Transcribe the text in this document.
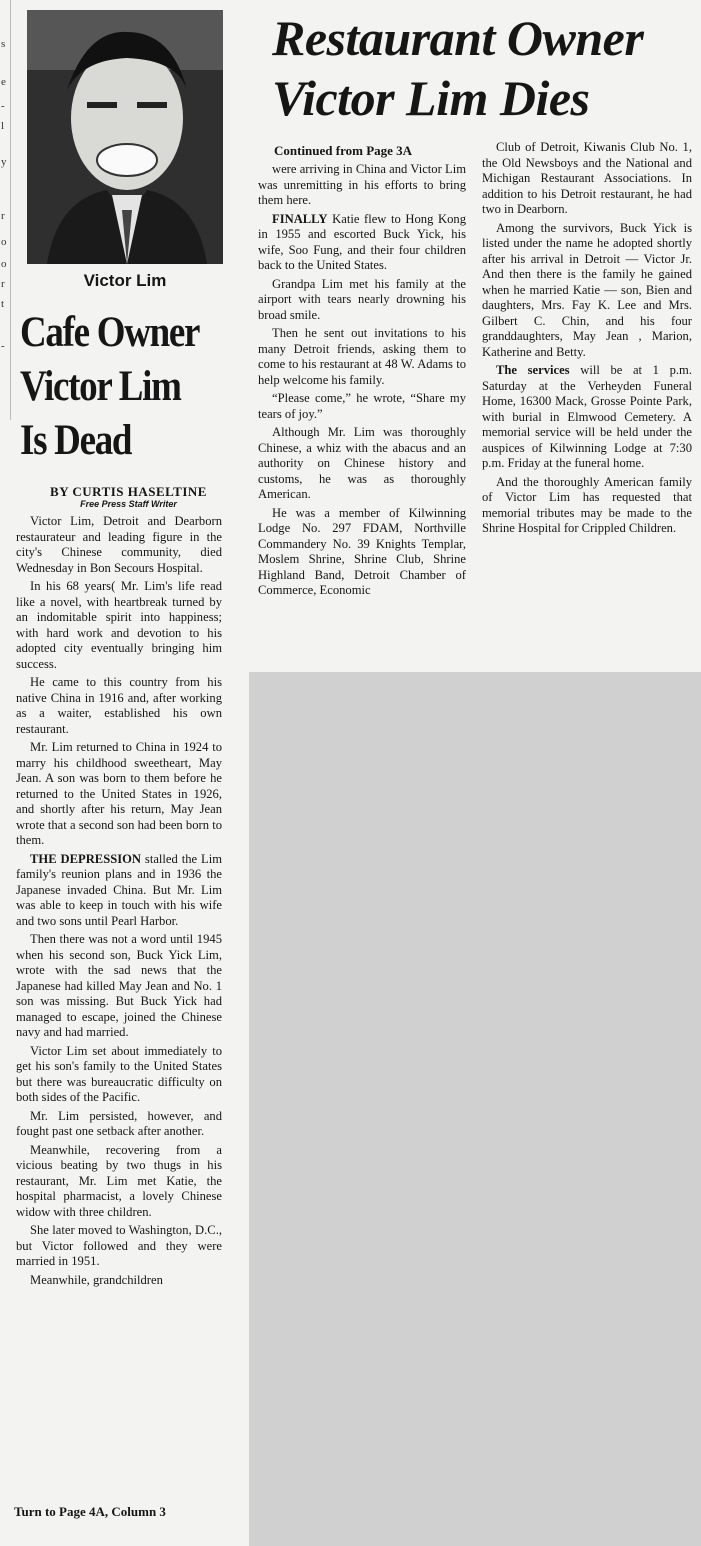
s
e
-
l
y
r
o
o
r
t
-
Victor Lim
Cafe Owner
Victor Lim
Is Dead
BY CURTIS HASELTINE
Free Press Staff Writer

Victor Lim, Detroit and Dearborn restaurateur and leading figure in the city's Chinese community, died Wednesday in Bon Secours Hospital.

In his 68 years( Mr. Lim's life read like a novel, with heartbreak turned by an indomitable spirit into happiness; with hard work and devotion to his adopted city eventually bringing him success.

He came to this country from his native China in 1916 and, after working as a waiter, established his own restaurant.

Mr. Lim returned to China in 1924 to marry his childhood sweetheart, May Jean. A son was born to them before he returned to the United States in 1926, and shortly after his return, May Jean wrote that a second son had been born to them.

THE DEPRESSION stalled the Lim family's reunion plans and in 1936 the Japanese invaded China. But Mr. Lim was able to keep in touch with his wife and two sons until Pearl Harbor.

Then there was not a word until 1945 when his second son, Buck Yick Lim, wrote with the sad news that the Japanese had killed May Jean and No. 1 son was missing. But Buck Yick had managed to escape, joined the Chinese navy and had married.

Victor Lim set about immediately to get his son's family to the United States but there was bureaucratic difficulty on both sides of the Pacific.

Mr. Lim persisted, however, and fought past one setback after another.

Meanwhile, recovering from a vicious beating by two thugs in his restaurant, Mr. Lim met Katie, the hospital pharmacist, a lovely Chinese widow with three children.

She later moved to Washington, D.C., but Victor followed and they were married in 1951.

Meanwhile, grandchildren

Turn to Page 4A, Column 3
Restaurant Owner
Victor Lim Dies
Continued from Page 3A

were arriving in China and Victor Lim was unremitting in his efforts to bring them here.

FINALLY Katie flew to Hong Kong in 1955 and escorted Buck Yick, his wife, Soo Fung, and their four children back to the United States.

Grandpa Lim met his family at the airport with tears nearly drowning his broad smile.

Then he sent out invitations to his many Detroit friends, asking them to come to his restaurant at 48 W. Adams to help welcome his family.

“Please come,” he wrote, “Share my tears of joy.”

Although Mr. Lim was thoroughly Chinese, a whiz with the abacus and an authority on Chinese history and customs, he was as thoroughly American.

He was a member of Kilwinning Lodge No. 297 FDAM, Northville Commandery No. 39 Knights Templar, Moslem Shrine, Shrine Club, Shrine Highland Band, Detroit Chamber of Commerce, Economic

Club of Detroit, Kiwanis Club No. 1, the Old Newsboys and the National and Michigan Restaurant Associations. In addition to his Detroit restaurant, he had two in Dearborn.

Among the survivors, Buck Yick is listed under the name he adopted shortly after his arrival in Detroit — Victor Jr. And then there is the family he gained when he married Katie — son, Bien and daughters, Mrs. Fay K. Lee and Mrs. Gilbert C. Chin, and his four granddaughters, May Jean , Marion, Katherine and Betty.

The services will be at 1 p.m. Saturday at the Verheyden Funeral Home, 16300 Mack, Grosse Pointe Park, with burial in Elmwood Cemetery. A memorial service will be held under the auspices of Kilwinning Lodge at 7:30 p.m. Friday at the funeral home.

And the thoroughly American family of Victor Lim has requested that memorial tributes may be made to the Shrine Hospital for Crippled Children.
